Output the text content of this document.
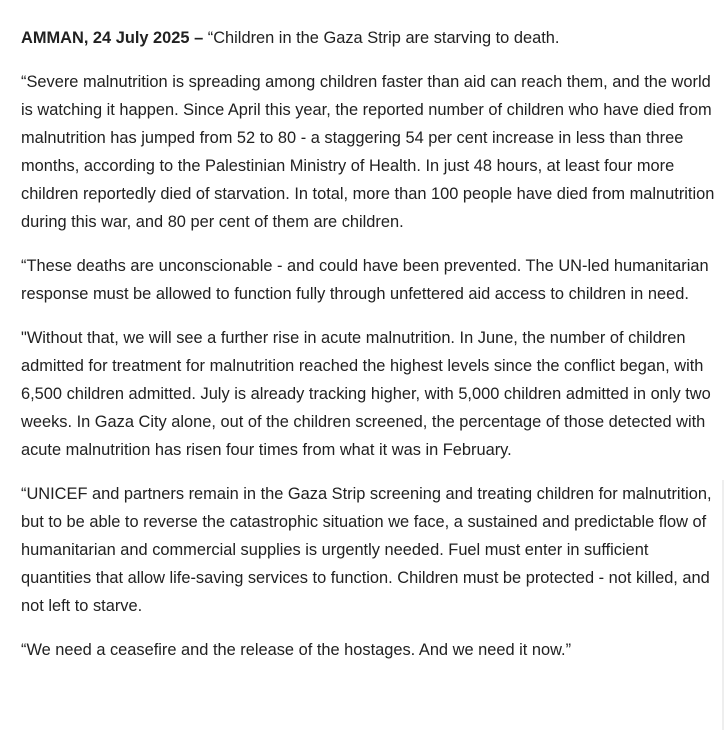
AMMAN, 24 July 2025 – “Children in the Gaza Strip are starving to death.

“Severe malnutrition is spreading among children faster than aid can reach them, and the world is watching it happen. Since April this year, the reported number of children who have died from malnutrition has jumped from 52 to 80 - a staggering 54 per cent increase in less than three months, according to the Palestinian Ministry of Health. In just 48 hours, at least four more children reportedly died of starvation. In total, more than 100 people have died from malnutrition during this war, and 80 per cent of them are children.

“These deaths are unconscionable - and could have been prevented. The UN-led humanitarian response must be allowed to function fully through unfettered aid access to children in need.

"Without that, we will see a further rise in acute malnutrition. In June, the number of children admitted for treatment for malnutrition reached the highest levels since the conflict began, with 6,500 children admitted. July is already tracking higher, with 5,000 children admitted in only two weeks. In Gaza City alone, out of the children screened, the percentage of those detected with acute malnutrition has risen four times from what it was in February.

“UNICEF and partners remain in the Gaza Strip screening and treating children for malnutrition, but to be able to reverse the catastrophic situation we face, a sustained and predictable flow of humanitarian and commercial supplies is urgently needed. Fuel must enter in sufficient quantities that allow life-saving services to function. Children must be protected - not killed, and not left to starve.

“We need a ceasefire and the release of the hostages. And we need it now.”
